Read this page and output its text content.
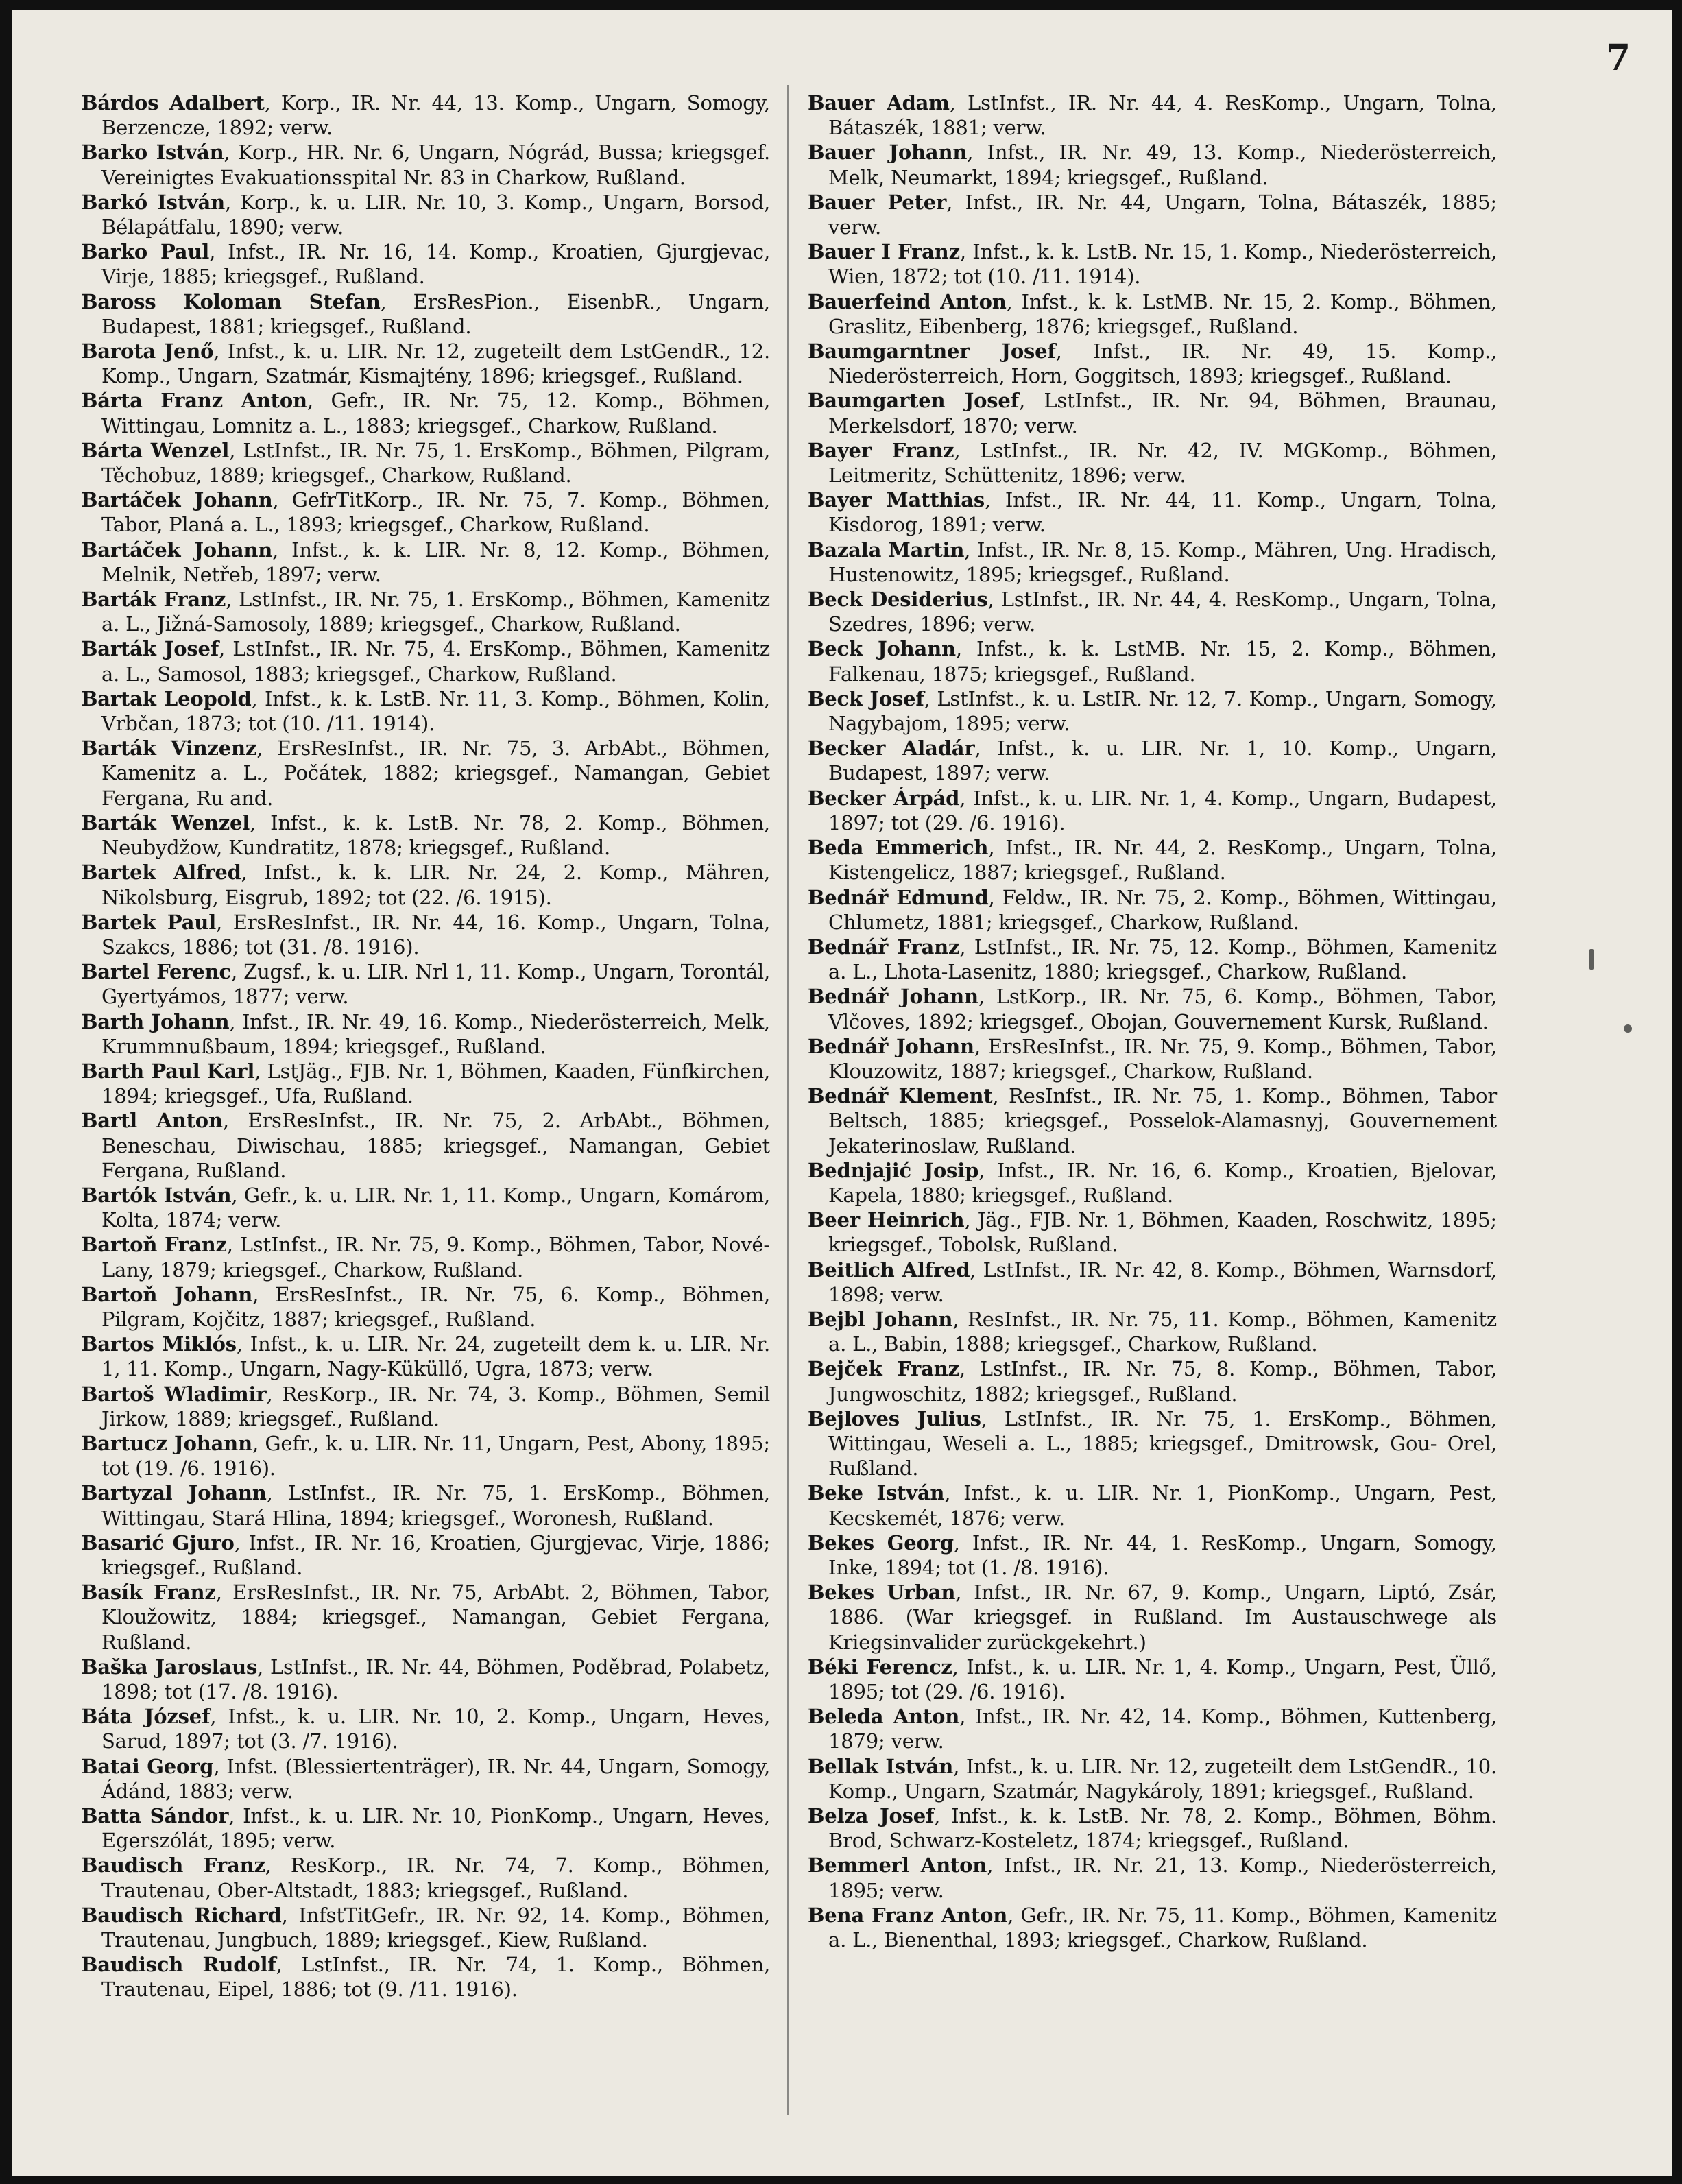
7

Bárdos Adalbert, Korp., IR. Nr. 44, 13. Komp., Ungarn, Somogy, Berzencze, 1892; verw.

Barko István, Korp., HR. Nr. 6, Ungarn, Nógrád, Bussa; kriegsgef. Vereinigtes Evakuationsspital Nr. 83 in Charkow, Rußland.

Barkó István, Korp., k. u. LIR. Nr. 10, 3. Komp., Ungarn, Borsod, Bélapátfalu, 1890; verw.

Barko Paul, Infst., IR. Nr. 16, 14. Komp., Kroatien, Gjurgjevac, Virje, 1885; kriegsgef., Rußland.

Baross Koloman Stefan, ErsResPion., EisenbR., Ungarn, Budapest, 1881; kriegsgef., Rußland.

Barota Jenő, Infst., k. u. LIR. Nr. 12, zugeteilt dem LstGendR., 12. Komp., Ungarn, Szatmár, Kismajtény, 1896; kriegsgef., Rußland.

Bárta Franz Anton, Gefr., IR. Nr. 75, 12. Komp., Böhmen, Wittingau, Lomnitz a. L., 1883; kriegsgef., Charkow, Rußland.

Bárta Wenzel, LstInfst., IR. Nr. 75, 1. ErsKomp., Böhmen, Pilgram, Těchobuz, 1889; kriegsgef., Charkow, Rußland.

Bartáček Johann, GefrTitKorp., IR. Nr. 75, 7. Komp., Böhmen, Tabor, Planá a. L., 1893; kriegsgef., Charkow, Rußland.

Bartáček Johann, Infst., k. k. LIR. Nr. 8, 12. Komp., Böhmen, Melnik, Netřeb, 1897; verw.

Barták Franz, LstInfst., IR. Nr. 75, 1. ErsKomp., Böhmen, Kamenitz a. L., Jižná-Samosoly, 1889; kriegsgef., Charkow, Rußland.

Barták Josef, LstInfst., IR. Nr. 75, 4. ErsKomp., Böhmen, Kamenitz a. L., Samosol, 1883; kriegsgef., Charkow, Rußland.

Bartak Leopold, Infst., k. k. LstB. Nr. 11, 3. Komp., Böhmen, Kolin, Vrbčan, 1873; tot (10. /11. 1914).

Barták Vinzenz, ErsResInfst., IR. Nr. 75, 3. ArbAbt., Böhmen, Kamenitz a. L., Počátek, 1882; kriegsgef., Namangan, Gebiet Fergana, Ru and.

Barták Wenzel, Infst., k. k. LstB. Nr. 78, 2. Komp., Böhmen, Neubydžow, Kundratitz, 1878; kriegsgef., Rußland.

Bartek Alfred, Infst., k. k. LIR. Nr. 24, 2. Komp., Mähren, Nikolsburg, Eisgrub, 1892; tot (22. /6. 1915).

Bartek Paul, ErsResInfst., IR. Nr. 44, 16. Komp., Ungarn, Tolna, Szakcs, 1886; tot (31. /8. 1916).

Bartel Ferenc, Zugsf., k. u. LIR. Nrl 1, 11. Komp., Ungarn, Torontál, Gyertyámos, 1877; verw.

Barth Johann, Infst., IR. Nr. 49, 16. Komp., Niederösterreich, Melk, Krummnußbaum, 1894; kriegsgef., Rußland.

Barth Paul Karl, LstJäg., FJB. Nr. 1, Böhmen, Kaaden, Fünfkirchen, 1894; kriegsgef., Ufa, Rußland.

Bartl Anton, ErsResInfst., IR. Nr. 75, 2. ArbAbt., Böhmen, Beneschau, Diwischau, 1885; kriegsgef., Namangan, Gebiet Fergana, Rußland.

Bartók István, Gefr., k. u. LIR. Nr. 1, 11. Komp., Ungarn, Komárom, Kolta, 1874; verw.

Bartoň Franz, LstInfst., IR. Nr. 75, 9. Komp., Böhmen, Tabor, Nové-Lany, 1879; kriegsgef., Charkow, Rußland.

Bartoň Johann, ErsResInfst., IR. Nr. 75, 6. Komp., Böhmen, Pilgram, Kojčitz, 1887; kriegsgef., Rußland.

Bartos Miklós, Infst., k. u. LIR. Nr. 24, zugeteilt dem k. u. LIR. Nr. 1, 11. Komp., Ungarn, Nagy-Küküllő, Ugra, 1873; verw.

Bartoš Wladimir, ResKorp., IR. Nr. 74, 3. Komp., Böhmen, Semil Jirkow, 1889; kriegsgef., Rußland.

Bartucz Johann, Gefr., k. u. LIR. Nr. 11, Ungarn, Pest, Abony, 1895; tot (19. /6. 1916).

Bartyzal Johann, LstInfst., IR. Nr. 75, 1. ErsKomp., Böhmen, Wittingau, Stará Hlina, 1894; kriegsgef., Woronesh, Rußland.

Basarić Gjuro, Infst., IR. Nr. 16, Kroatien, Gjurgjevac, Virje, 1886; kriegsgef., Rußland.

Basík Franz, ErsResInfst., IR. Nr. 75, ArbAbt. 2, Böhmen, Tabor, Kloužowitz, 1884; kriegsgef., Namangan, Gebiet Fergana, Rußland.

Baška Jaroslaus, LstInfst., IR. Nr. 44, Böhmen, Poděbrad, Polabetz, 1898; tot (17. /8. 1916).

Báta József, Infst., k. u. LIR. Nr. 10, 2. Komp., Ungarn, Heves, Sarud, 1897; tot (3. /7. 1916).

Batai Georg, Infst. (Blessiertenträger), IR. Nr. 44, Ungarn, Somogy, Ádánd, 1883; verw.

Batta Sándor, Infst., k. u. LIR. Nr. 10, PionKomp., Ungarn, Heves, Egerszólát, 1895; verw.

Baudisch Franz, ResKorp., IR. Nr. 74, 7. Komp., Böhmen, Trautenau, Ober-Altstadt, 1883; kriegsgef., Rußland.

Baudisch Richard, InfstTitGefr., IR. Nr. 92, 14. Komp., Böhmen, Trautenau, Jungbuch, 1889; kriegsgef., Kiew, Rußland.

Baudisch Rudolf, LstInfst., IR. Nr. 74, 1. Komp., Böhmen, Trautenau, Eipel, 1886; tot (9. /11. 1916).

Bauer Adam, LstInfst., IR. Nr. 44, 4. ResKomp., Ungarn, Tolna, Bátaszék, 1881; verw.

Bauer Johann, Infst., IR. Nr. 49, 13. Komp., Niederösterreich, Melk, Neumarkt, 1894; kriegsgef., Rußland.

Bauer Peter, Infst., IR. Nr. 44, Ungarn, Tolna, Bátaszék, 1885; verw.

Bauer I Franz, Infst., k. k. LstB. Nr. 15, 1. Komp., Niederösterreich, Wien, 1872; tot (10. /11. 1914).

Bauerfeind Anton, Infst., k. k. LstMB. Nr. 15, 2. Komp., Böhmen, Graslitz, Eibenberg, 1876; kriegsgef., Rußland.

Baumgarntner Josef, Infst., IR. Nr. 49, 15. Komp., Niederösterreich, Horn, Goggitsch, 1893; kriegsgef., Rußland.

Baumgarten Josef, LstInfst., IR. Nr. 94, Böhmen, Braunau, Merkelsdorf, 1870; verw.

Bayer Franz, LstInfst., IR. Nr. 42, IV. MGKomp., Böhmen, Leitmeritz, Schüttenitz, 1896; verw.

Bayer Matthias, Infst., IR. Nr. 44, 11. Komp., Ungarn, Tolna, Kisdorog, 1891; verw.

Bazala Martin, Infst., IR. Nr. 8, 15. Komp., Mähren, Ung. Hradisch, Hustenowitz, 1895; kriegsgef., Rußland.

Beck Desiderius, LstInfst., IR. Nr. 44, 4. ResKomp., Ungarn, Tolna, Szedres, 1896; verw.

Beck Johann, Infst., k. k. LstMB. Nr. 15, 2. Komp., Böhmen, Falkenau, 1875; kriegsgef., Rußland.

Beck Josef, LstInfst., k. u. LstIR. Nr. 12, 7. Komp., Ungarn, Somogy, Nagybajom, 1895; verw.

Becker Aladár, Infst., k. u. LIR. Nr. 1, 10. Komp., Ungarn, Budapest, 1897; verw.

Becker Árpád, Infst., k. u. LIR. Nr. 1, 4. Komp., Ungarn, Budapest, 1897; tot (29. /6. 1916).

Beda Emmerich, Infst., IR. Nr. 44, 2. ResKomp., Ungarn, Tolna, Kistengelicz, 1887; kriegsgef., Rußland.

Bednář Edmund, Feldw., IR. Nr. 75, 2. Komp., Böhmen, Wittingau, Chlumetz, 1881; kriegsgef., Charkow, Rußland.

Bednář Franz, LstInfst., IR. Nr. 75, 12. Komp., Böhmen, Kamenitz a. L., Lhota-Lasenitz, 1880; kriegsgef., Charkow, Rußland.

Bednář Johann, LstKorp., IR. Nr. 75, 6. Komp., Böhmen, Tabor, Vlčoves, 1892; kriegsgef., Obojan, Gouvernement Kursk, Rußland.

Bednář Johann, ErsResInfst., IR. Nr. 75, 9. Komp., Böhmen, Tabor, Klouzowitz, 1887; kriegsgef., Charkow, Rußland.

Bednář Klement, ResInfst., IR. Nr. 75, 1. Komp., Böhmen, Tabor Beltsch, 1885; kriegsgef., Posselok-Alamasnyj, Gouvernement Jekaterinoslaw, Rußland.

Bednjajić Josip, Infst., IR. Nr. 16, 6. Komp., Kroatien, Bjelovar, Kapela, 1880; kriegsgef., Rußland.

Beer Heinrich, Jäg., FJB. Nr. 1, Böhmen, Kaaden, Roschwitz, 1895; kriegsgef., Tobolsk, Rußland.

Beitlich Alfred, LstInfst., IR. Nr. 42, 8. Komp., Böhmen, Warnsdorf, 1898; verw.

Bejbl Johann, ResInfst., IR. Nr. 75, 11. Komp., Böhmen, Kamenitz a. L., Babin, 1888; kriegsgef., Charkow, Rußland.

Bejček Franz, LstInfst., IR. Nr. 75, 8. Komp., Böhmen, Tabor, Jungwoschitz, 1882; kriegsgef., Rußland.

Bejloves Julius, LstInfst., IR. Nr. 75, 1. ErsKomp., Böhmen, Wittingau, Weseli a. L., 1885; kriegsgef., Dmitrowsk, Gou- Orel, Rußland.

Beke István, Infst., k. u. LIR. Nr. 1, PionKomp., Ungarn, Pest, Kecskemét, 1876; verw.

Bekes Georg, Infst., IR. Nr. 44, 1. ResKomp., Ungarn, Somogy, Inke, 1894; tot (1. /8. 1916).

Bekes Urban, Infst., IR. Nr. 67, 9. Komp., Ungarn, Liptó, Zsár, 1886. (War kriegsgef. in Rußland. Im Austauschwege als Kriegsinvalider zurückgekehrt.)

Béki Ferencz, Infst., k. u. LIR. Nr. 1, 4. Komp., Ungarn, Pest, Üllő, 1895; tot (29. /6. 1916).

Beleda Anton, Infst., IR. Nr. 42, 14. Komp., Böhmen, Kuttenberg, 1879; verw.

Bellak István, Infst., k. u. LIR. Nr. 12, zugeteilt dem LstGendR., 10. Komp., Ungarn, Szatmár, Nagykároly, 1891; kriegsgef., Rußland.

Belza Josef, Infst., k. k. LstB. Nr. 78, 2. Komp., Böhmen, Böhm. Brod, Schwarz-Kosteletz, 1874; kriegsgef., Rußland.

Bemmerl Anton, Infst., IR. Nr. 21, 13. Komp., Niederösterreich, 1895; verw.

Bena Franz Anton, Gefr., IR. Nr. 75, 11. Komp., Böhmen, Kamenitz a. L., Bienenthal, 1893; kriegsgef., Charkow, Rußland.
